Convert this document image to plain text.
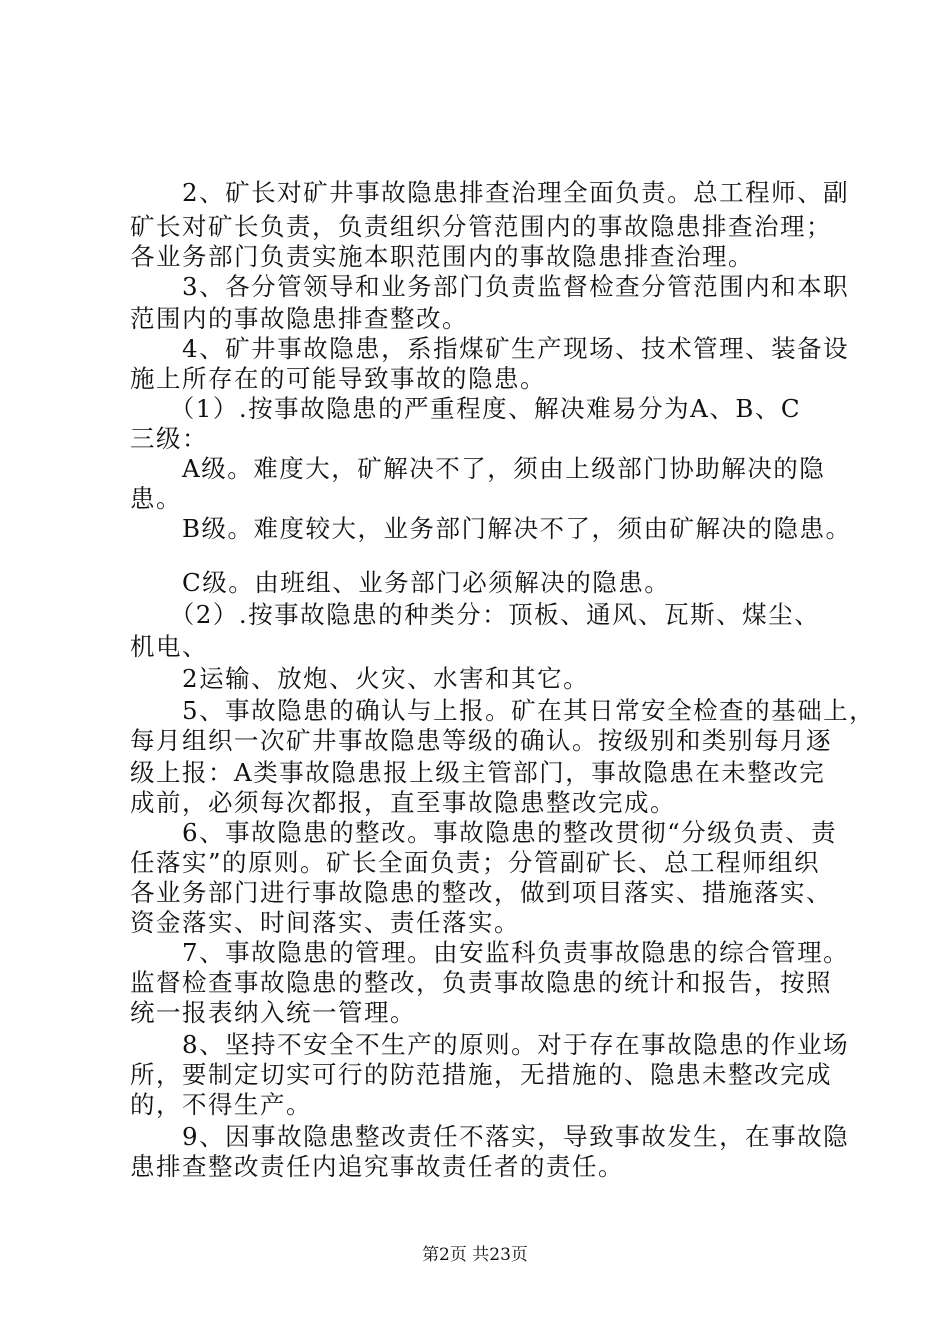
　　2、矿长对矿井事故隐患排查治理全面负责。总工程师、副
矿长对矿长负责，负责组织分管范围内的事故隐患排查治理；
各业务部门负责实施本职范围内的事故隐患排查治理。
　　3、各分管领导和业务部门负责监督检查分管范围内和本职
范围内的事故隐患排查整改。
　　4、矿井事故隐患，系指煤矿生产现场、技术管理、装备设
施上所存在的可能导致事故的隐患。
　　（1）.按事故隐患的严重程度、解决难易分为A、B、C
三级：
　　A级。难度大，矿解决不了，须由上级部门协助解决的隐
患。
　　B级。难度较大，业务部门解决不了，须由矿解决的隐患。
　　C级。由班组、业务部门必须解决的隐患。
　　（2）.按事故隐患的种类分：顶板、通风、瓦斯、煤尘、
机电、
　　2运输、放炮、火灾、水害和其它。
　　5、事故隐患的确认与上报。矿在其日常安全检查的基础上，
每月组织一次矿井事故隐患等级的确认。按级别和类别每月逐
级上报：A类事故隐患报上级主管部门，事故隐患在未整改完
成前，必须每次都报，直至事故隐患整改完成。
　　6、事故隐患的整改。事故隐患的整改贯彻“分级负责、责
任落实”的原则。矿长全面负责；分管副矿长、总工程师组织
各业务部门进行事故隐患的整改，做到项目落实、措施落实、
资金落实、时间落实、责任落实。
　　7、事故隐患的管理。由安监科负责事故隐患的综合管理。
监督检查事故隐患的整改，负责事故隐患的统计和报告，按照
统一报表纳入统一管理。
　　8、坚持不安全不生产的原则。对于存在事故隐患的作业场
所，要制定切实可行的防范措施，无措施的、隐患未整改完成
的，不得生产。
　　9、因事故隐患整改责任不落实，导致事故发生，在事故隐
患排查整改责任内追究事故责任者的责任。
第2页 共23页
